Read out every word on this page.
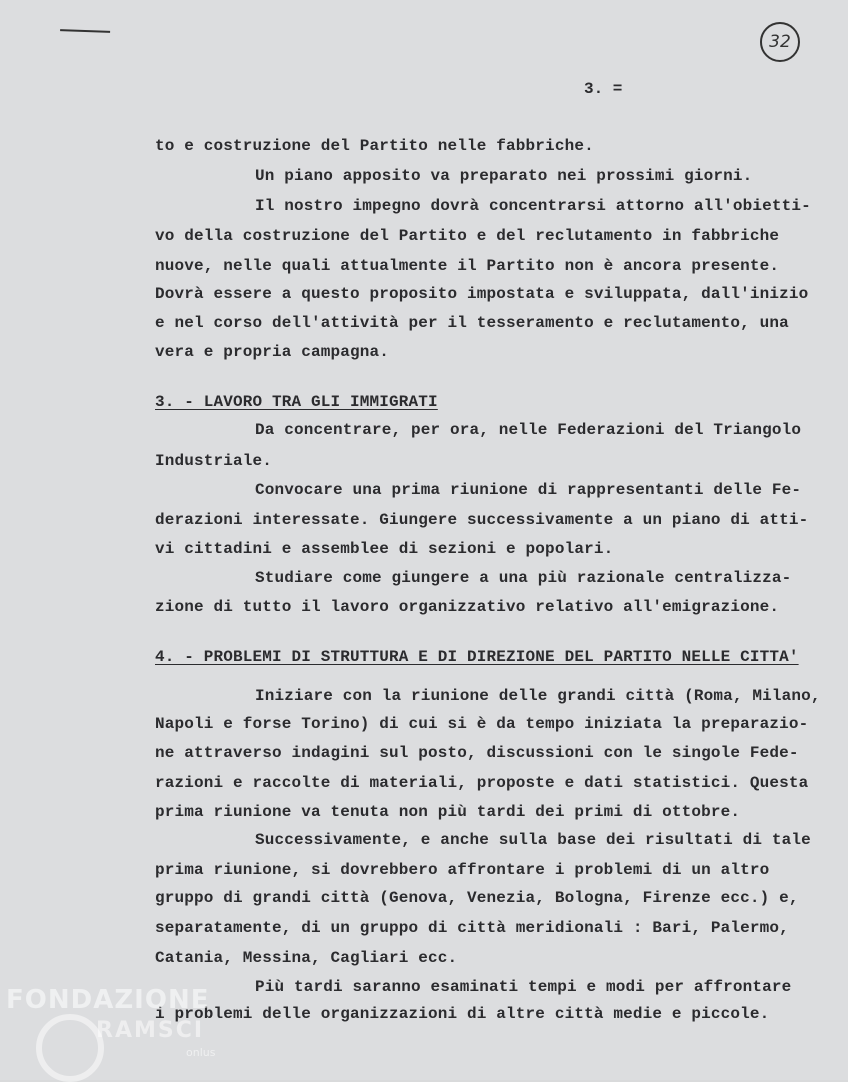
32
3. =
to e costruzione del Partito nelle fabbriche.
Un piano apposito va preparato nei prossimi giorni.
Il nostro impegno dovrà concentrarsi attorno all'obietti-
vo della costruzione del Partito e del reclutamento in fabbriche
nuove, nelle quali attualmente il Partito non è ancora presente.
Dovrà essere a questo proposito impostata e sviluppata, dall'inizio
e nel corso dell'attività per il tesseramento e reclutamento, una
vera e propria campagna.
3. - LAVORO TRA GLI IMMIGRATI
Da concentrare, per ora, nelle Federazioni del Triangolo
Industriale.
Convocare una prima riunione di rappresentanti delle Fe-
derazioni interessate. Giungere successivamente a un piano di atti-
vi cittadini e assemblee di sezioni e popolari.
Studiare come giungere a una più razionale centralizza-
zione di tutto il lavoro organizzativo relativo all'emigrazione.
4. - PROBLEMI DI STRUTTURA E DI DIREZIONE DEL PARTITO NELLE CITTA'
Iniziare con la riunione delle grandi città (Roma, Milano,
Napoli e forse Torino) di cui si è da tempo iniziata la preparazio-
ne attraverso indagini sul posto, discussioni con le singole Fede-
razioni e raccolte di materiali, proposte e dati statistici. Questa
prima riunione va tenuta non più tardi dei primi di ottobre.
Successivamente, e anche sulla base dei risultati di tale
prima riunione, si dovrebbero affrontare i problemi di un altro
gruppo di grandi città (Genova, Venezia, Bologna, Firenze ecc.) e,
separatamente, di un gruppo di città meridionali : Bari, Palermo,
Catania, Messina, Cagliari ecc.
Più tardi saranno esaminati tempi e modi per affrontare
i problemi delle organizzazioni di altre città medie e piccole.
FONDAZIONE
RAMSCI
onlus
